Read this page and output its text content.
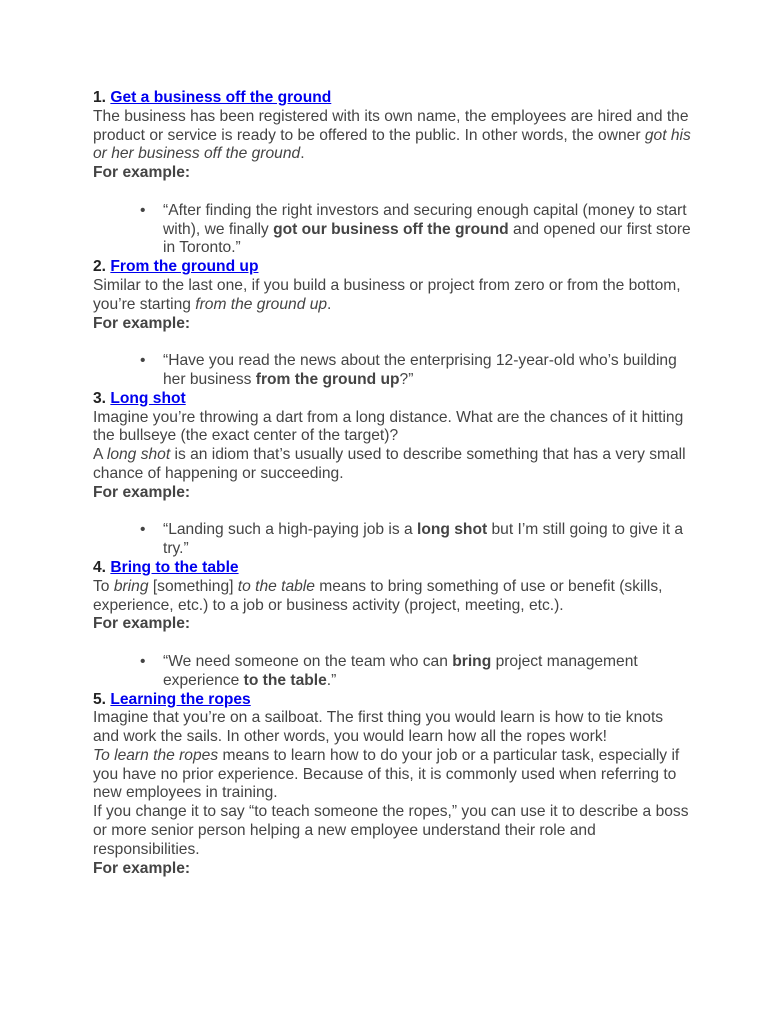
1. Get a business off the ground

The business has been registered with its own name, the employees are hired and the product or service is ready to be offered to the public. In other words, the owner got his or her business off the ground.

For example:

• “After finding the right investors and securing enough capital (money to start with), we finally got our business off the ground and opened our first store in Toronto.”
2. From the ground up

Similar to the last one, if you build a business or project from zero or from the bottom, you’re starting from the ground up.

For example:

• “Have you read the news about the enterprising 12-year-old who’s building her business from the ground up?”
3. Long shot

Imagine you’re throwing a dart from a long distance. What are the chances of it hitting the bullseye (the exact center of the target)?

A long shot is an idiom that’s usually used to describe something that has a very small chance of happening or succeeding.

For example:

• “Landing such a high-paying job is a long shot but I’m still going to give it a try.”
4. Bring to the table

To bring [something] to the table means to bring something of use or benefit (skills, experience, etc.) to a job or business activity (project, meeting, etc.).

For example:

• “We need someone on the team who can bring project management experience to the table.”
5. Learning the ropes

Imagine that you’re on a sailboat. The first thing you would learn is how to tie knots and work the sails. In other words, you would learn how all the ropes work!

To learn the ropes means to learn how to do your job or a particular task, especially if you have no prior experience. Because of this, it is commonly used when referring to new employees in training.

If you change it to say “to teach someone the ropes,” you can use it to describe a boss or more senior person helping a new employee understand their role and responsibilities.

For example:
